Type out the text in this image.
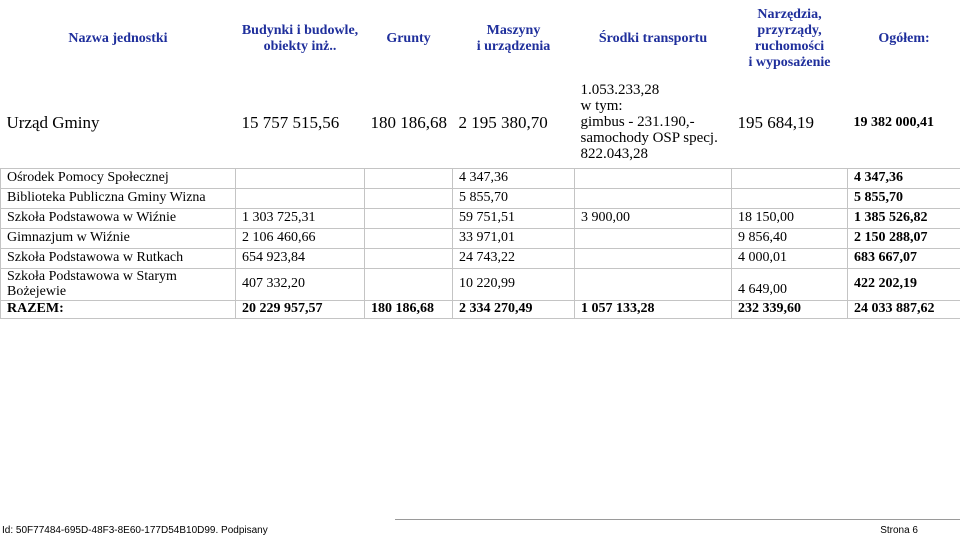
Nazwa jednostki	Budynki i budowle,
obiekty inż..	Grunty	Maszyny
i urządzenia	Środki transportu	Narzędzia,
przyrządy,
ruchomości
i wyposażenie	Ogółem:
Urząd Gminy	15 757 515,56	180 186,68	2 195 380,70	1.053.233,28
w tym:
gimbus - 231.190,-
samochody OSP specj.
822.043,28	195 684,19	19 382 000,41
Ośrodek Pomocy Społecznej			4 347,36			4 347,36
Biblioteka Publiczna Gminy Wizna			5 855,70			5 855,70
Szkoła Podstawowa w Wiźnie	1 303 725,31		59 751,51	3 900,00	18 150,00	1 385 526,82
Gimnazjum w Wiźnie	2 106 460,66		33 971,01		9 856,40	2 150 288,07
Szkoła Podstawowa w Rutkach	654 923,84		24 743,22		4 000,01	683 667,07
Szkoła Podstawowa w Starym
Bożejewie	407 332,20		10 220,99		4 649,00	422 202,19
RAZEM:	20 229 957,57	180 186,68	2 334 270,49	1 057 133,28	232 339,60	24 033 887,62
Id: 50F77484-695D-48F3-8E60-177D54B10D99. Podpisany	Strona 6
